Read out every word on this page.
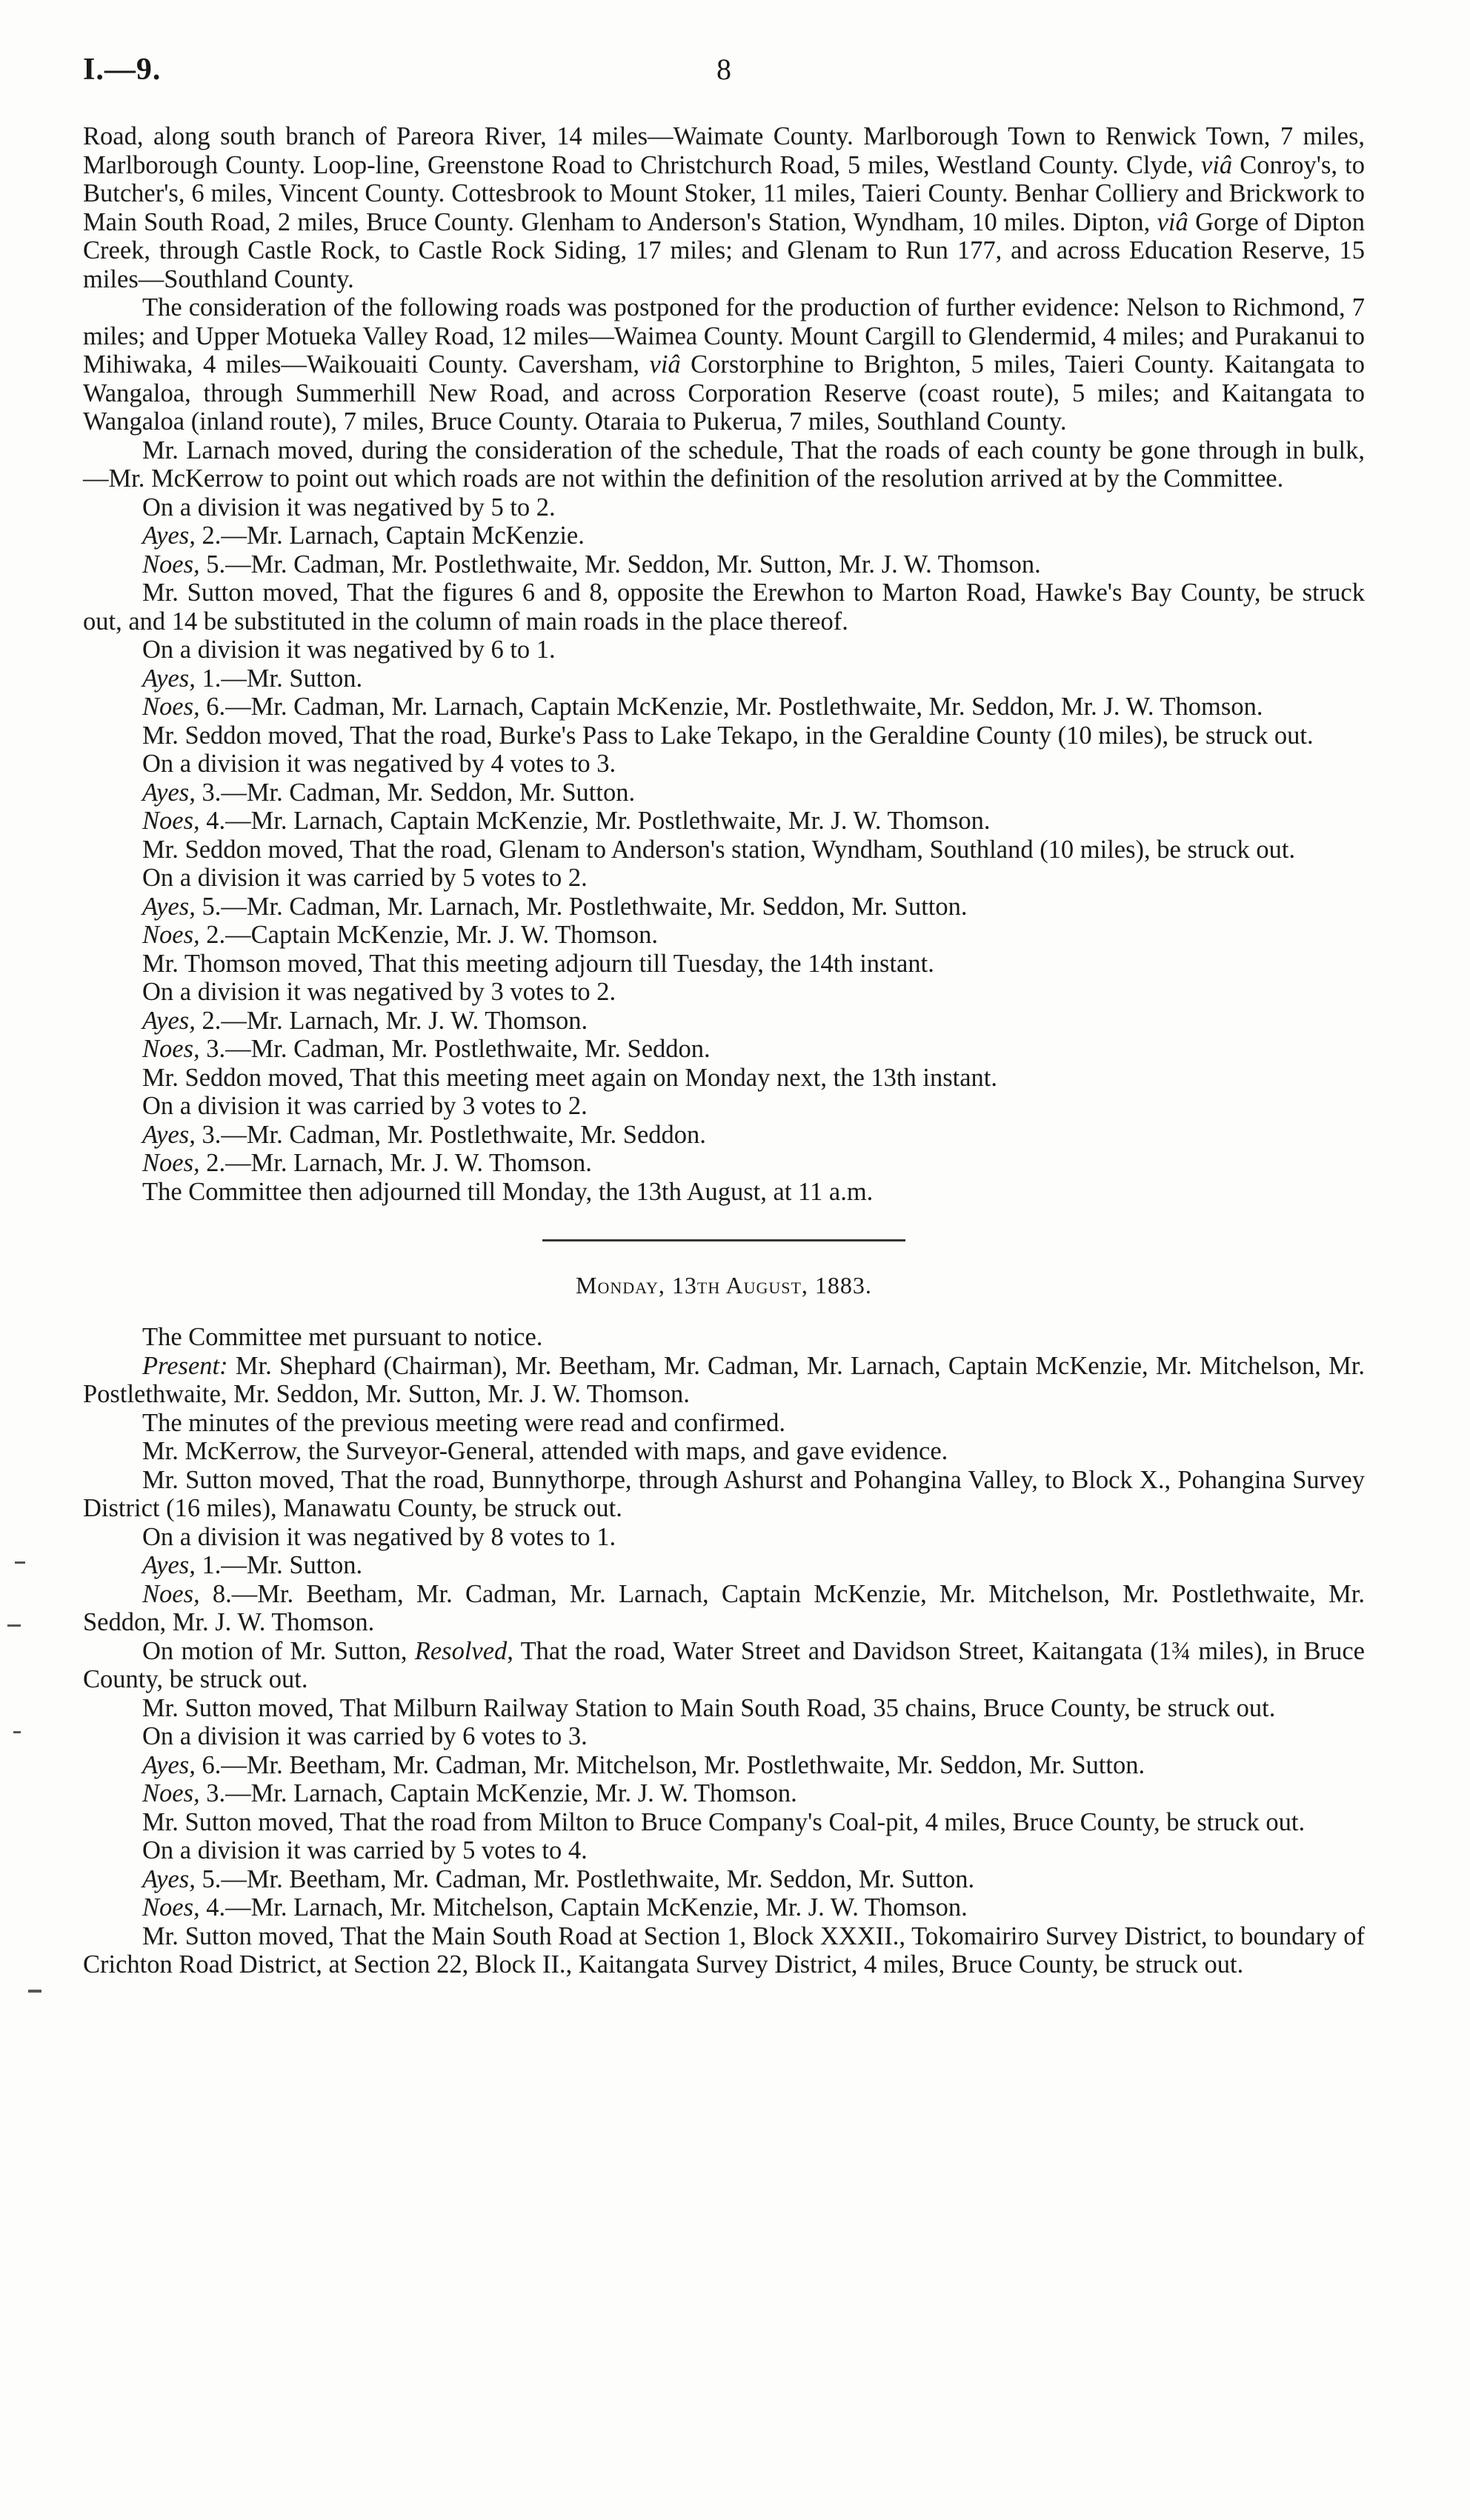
I.—9.	8

Road, along south branch of Pareora River, 14 miles—Waimate County. Marlborough Town to Renwick Town, 7 miles, Marlborough County. Loop-line, Greenstone Road to Christchurch Road, 5 miles, Westland County. Clyde, viâ Conroy's, to Butcher's, 6 miles, Vincent County. Cottesbrook to Mount Stoker, 11 miles, Taieri County. Benhar Colliery and Brickwork to Main South Road, 2 miles, Bruce County. Glenham to Anderson's Station, Wyndham, 10 miles. Dipton, viâ Gorge of Dipton Creek, through Castle Rock, to Castle Rock Siding, 17 miles; and Glenam to Run 177, and across Education Reserve, 15 miles—Southland County.

The consideration of the following roads was postponed for the production of further evidence: Nelson to Richmond, 7 miles; and Upper Motueka Valley Road, 12 miles—Waimea County. Mount Cargill to Glendermid, 4 miles; and Purakanui to Mihiwaka, 4 miles—Waikouaiti County. Caversham, viâ Corstorphine to Brighton, 5 miles, Taieri County. Kaitangata to Wangaloa, through Summerhill New Road, and across Corporation Reserve (coast route), 5 miles; and Kaitangata to Wangaloa (inland route), 7 miles, Bruce County. Otaraia to Pukerua, 7 miles, Southland County.

Mr. Larnach moved, during the consideration of the schedule, That the roads of each county be gone through in bulk,—Mr. McKerrow to point out which roads are not within the definition of the resolution arrived at by the Committee.

On a division it was negatived by 5 to 2.

Ayes, 2.—Mr. Larnach, Captain McKenzie.

Noes, 5.—Mr. Cadman, Mr. Postlethwaite, Mr. Seddon, Mr. Sutton, Mr. J. W. Thomson.

Mr. Sutton moved, That the figures 6 and 8, opposite the Erewhon to Marton Road, Hawke's Bay County, be struck out, and 14 be substituted in the column of main roads in the place thereof.

On a division it was negatived by 6 to 1.

Ayes, 1.—Mr. Sutton.

Noes, 6.—Mr. Cadman, Mr. Larnach, Captain McKenzie, Mr. Postlethwaite, Mr. Seddon, Mr. J. W. Thomson.

Mr. Seddon moved, That the road, Burke's Pass to Lake Tekapo, in the Geraldine County (10 miles), be struck out.

On a division it was negatived by 4 votes to 3.

Ayes, 3.—Mr. Cadman, Mr. Seddon, Mr. Sutton.

Noes, 4.—Mr. Larnach, Captain McKenzie, Mr. Postlethwaite, Mr. J. W. Thomson.

Mr. Seddon moved, That the road, Glenam to Anderson's station, Wyndham, Southland (10 miles), be struck out.

On a division it was carried by 5 votes to 2.

Ayes, 5.—Mr. Cadman, Mr. Larnach, Mr. Postlethwaite, Mr. Seddon, Mr. Sutton.

Noes, 2.—Captain McKenzie, Mr. J. W. Thomson.

Mr. Thomson moved, That this meeting adjourn till Tuesday, the 14th instant.

On a division it was negatived by 3 votes to 2.

Ayes, 2.—Mr. Larnach, Mr. J. W. Thomson.

Noes, 3.—Mr. Cadman, Mr. Postlethwaite, Mr. Seddon.

Mr. Seddon moved, That this meeting meet again on Monday next, the 13th instant.

On a division it was carried by 3 votes to 2.

Ayes, 3.—Mr. Cadman, Mr. Postlethwaite, Mr. Seddon.

Noes, 2.—Mr. Larnach, Mr. J. W. Thomson.

The Committee then adjourned till Monday, the 13th August, at 11 a.m.

Monday, 13th August, 1883.

The Committee met pursuant to notice.

Present: Mr. Shephard (Chairman), Mr. Beetham, Mr. Cadman, Mr. Larnach, Captain McKenzie, Mr. Mitchelson, Mr. Postlethwaite, Mr. Seddon, Mr. Sutton, Mr. J. W. Thomson.

The minutes of the previous meeting were read and confirmed.

Mr. McKerrow, the Surveyor-General, attended with maps, and gave evidence.

Mr. Sutton moved, That the road, Bunnythorpe, through Ashurst and Pohangina Valley, to Block X., Pohangina Survey District (16 miles), Manawatu County, be struck out.

On a division it was negatived by 8 votes to 1.

Ayes, 1.—Mr. Sutton.

Noes, 8.—Mr. Beetham, Mr. Cadman, Mr. Larnach, Captain McKenzie, Mr. Mitchelson, Mr. Postlethwaite, Mr. Seddon, Mr. J. W. Thomson.

On motion of Mr. Sutton, Resolved, That the road, Water Street and Davidson Street, Kaitangata (1¾ miles), in Bruce County, be struck out.

Mr. Sutton moved, That Milburn Railway Station to Main South Road, 35 chains, Bruce County, be struck out.

On a division it was carried by 6 votes to 3.

Ayes, 6.—Mr. Beetham, Mr. Cadman, Mr. Mitchelson, Mr. Postlethwaite, Mr. Seddon, Mr. Sutton.

Noes, 3.—Mr. Larnach, Captain McKenzie, Mr. J. W. Thomson.

Mr. Sutton moved, That the road from Milton to Bruce Company's Coal-pit, 4 miles, Bruce County, be struck out.

On a division it was carried by 5 votes to 4.

Ayes, 5.—Mr. Beetham, Mr. Cadman, Mr. Postlethwaite, Mr. Seddon, Mr. Sutton.

Noes, 4.—Mr. Larnach, Mr. Mitchelson, Captain McKenzie, Mr. J. W. Thomson.

Mr. Sutton moved, That the Main South Road at Section 1, Block XXXII., Tokomairiro Survey District, to boundary of Crichton Road District, at Section 22, Block II., Kaitangata Survey District, 4 miles, Bruce County, be struck out.
